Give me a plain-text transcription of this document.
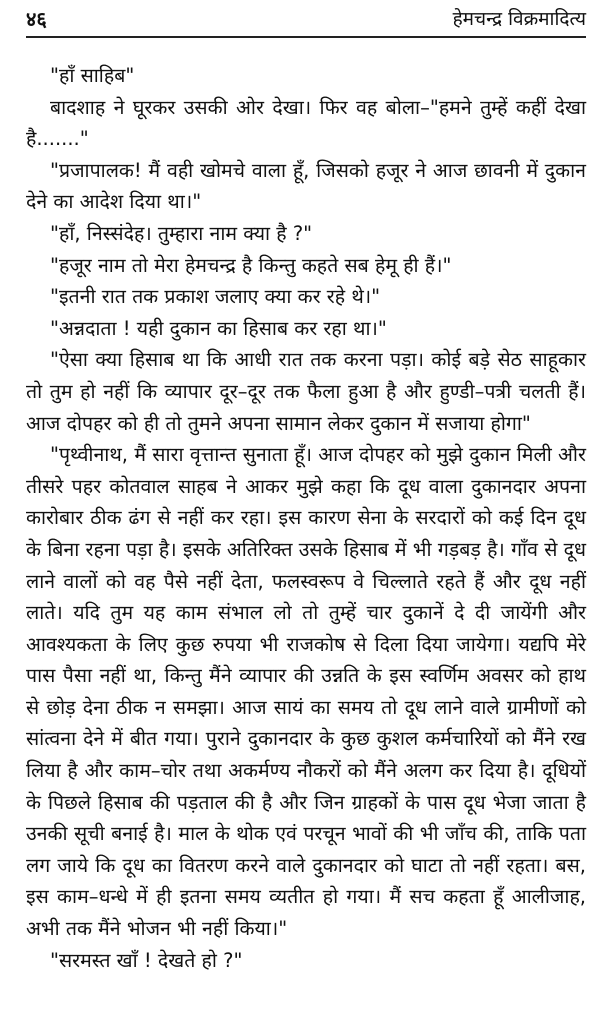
४६	हेमचन्द्र विक्रमादित्य

"हाँ साहिब"

बादशाह ने घूरकर उसकी ओर देखा। फिर वह बोला–"हमने तुम्हें कहीं देखा है......."

"प्रजापालक! मैं वही खोमचे वाला हूँ, जिसको हजूर ने आज छावनी में दुकान देने का आदेश दिया था।"

"हाँ, निस्संदेह। तुम्हारा नाम क्या है ?"

"हजूर नाम तो मेरा हेमचन्द्र है किन्तु कहते सब हेमू ही हैं।"

"इतनी रात तक प्रकाश जलाए क्या कर रहे थे।"

"अन्नदाता ! यही दुकान का हिसाब कर रहा था।"

"ऐसा क्या हिसाब था कि आधी रात तक करना पड़ा। कोई बड़े सेठ साहूकार तो तुम हो नहीं कि व्यापार दूर–दूर तक फैला हुआ है और हुण्डी–पत्री चलती हैं। आज दोपहर को ही तो तुमने अपना सामान लेकर दुकान में सजाया होगा"

"पृथ्वीनाथ, मैं सारा वृत्तान्त सुनाता हूँ। आज दोपहर को मुझे दुकान मिली और तीसरे पहर कोतवाल साहब ने आकर मुझे कहा कि दूध वाला दुकानदार अपना कारोबार ठीक ढंग से नहीं कर रहा। इस कारण सेना के सरदारों को कई दिन दूध के बिना रहना पड़ा है। इसके अतिरिक्त उसके हिसाब में भी गड़बड़ है। गाँव से दूध लाने वालों को वह पैसे नहीं देता, फलस्वरूप वे चिल्लाते रहते हैं और दूध नहीं लाते। यदि तुम यह काम संभाल लो तो तुम्हें चार दुकानें दे दी जायेंगी और आवश्यकता के लिए कुछ रुपया भी राजकोष से दिला दिया जायेगा। यद्यपि मेरे पास पैसा नहीं था, किन्तु मैंने व्यापार की उन्नति के इस स्वर्णिम अवसर को हाथ से छोड़ देना ठीक न समझा। आज सायं का समय तो दूध लाने वाले ग्रामीणों को सांत्वना देने में बीत गया। पुराने दुकानदार के कुछ कुशल कर्मचारियों को मैंने रख लिया है और काम–चोर तथा अकर्मण्य नौकरों को मैंने अलग कर दिया है। दूधियों के पिछले हिसाब की पड़ताल की है और जिन ग्राहकों के पास दूध भेजा जाता है उनकी सूची बनाई है। माल के थोक एवं परचून भावों की भी जाँच की, ताकि पता लग जाये कि दूध का वितरण करने वाले दुकानदार को घाटा तो नहीं रहता। बस, इस काम–धन्धे में ही इतना समय व्यतीत हो गया। मैं सच कहता हूँ आलीजाह, अभी तक मैंने भोजन भी नहीं किया।"

"सरमस्त खाँ ! देखते हो ?"
